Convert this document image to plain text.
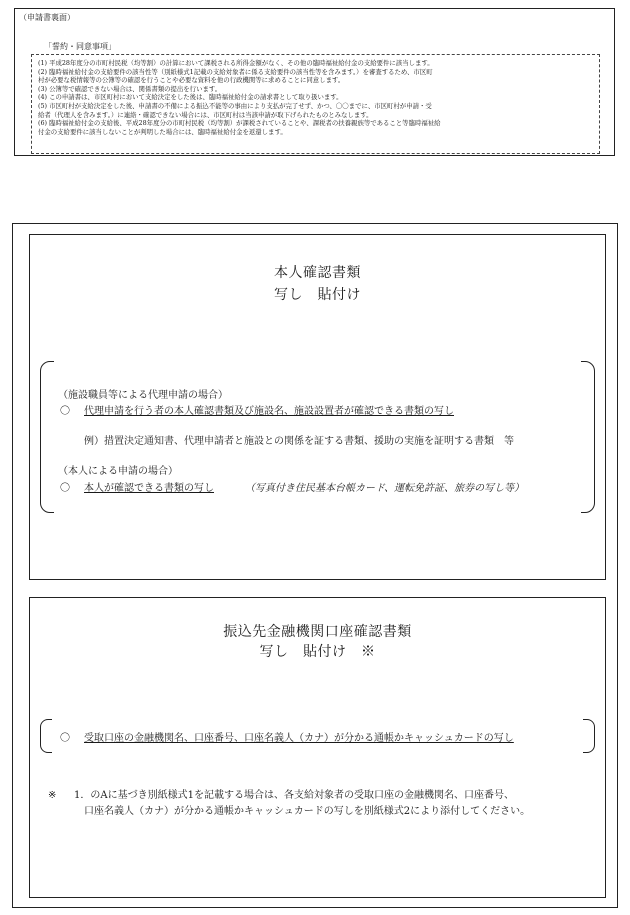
（申請書裏面）

(1) 平成28年度分の市町村民税（均等割）の計算において課税される所得金額がなく、その他の臨時福祉給付金の支給要件に該当します。

(2) 臨時福祉給付金の支給要件の該当性等（別紙様式1記載の支給対象者に係る支給要件の該当性等を含みます。）を審査するため、市区町
村が必要な税情報等の公簿等の確認を行うことや必要な資料を他の行政機関等に求めることに同意します。

(3) 公簿等で確認できない場合は、関係書類の提出を行います。

(4) この申請書は、市区町村において支給決定をした後は、臨時福祉給付金の請求書として取り扱います。

(5) 市区町村が支給決定をした後、申請書の不備による振込不能等の事由により支払が完了せず、かつ、〇〇までに、市区町村が申請・受
給者（代理人を含みます。）に連絡・確認できない場合には、市区町村は当該申請が取下げられたものとみなします。

(6) 臨時福祉給付金の支給後、平成28年度分の市町村民税（均等割）が課税されていることや、課税者の扶養親族等であること等臨時福祉給
付金の支給要件に該当しないことが判明した場合には、臨時福祉給付金を返還します。

「誓約・同意事項」
本人確認書類
写し　貼付け
（施設職員等による代理申請の場合）
〇 代理申請を行う者の本人確認書類及び施設名、施設設置者が確認できる書類の写し
例）措置決定通知書、代理申請者と施設との関係を証する書類、援助の実施を証明する書類　等
（本人による申請の場合）
〇 本人が確認できる書類の写し	（写真付き住民基本台帳カード、運転免許証、旅券の写し等）
振込先金融機関口座確認書類
写し　貼付け　※
〇 受取口座の金融機関名、口座番号、口座名義人（カナ）が分かる通帳かキャッシュカードの写し
※ 1．のAに基づき別紙様式1を記載する場合は、各支給対象者の受取口座の金融機関名、口座番号、
口座名義人（カナ）が分かる通帳かキャッシュカードの写しを別紙様式2により添付してください。
